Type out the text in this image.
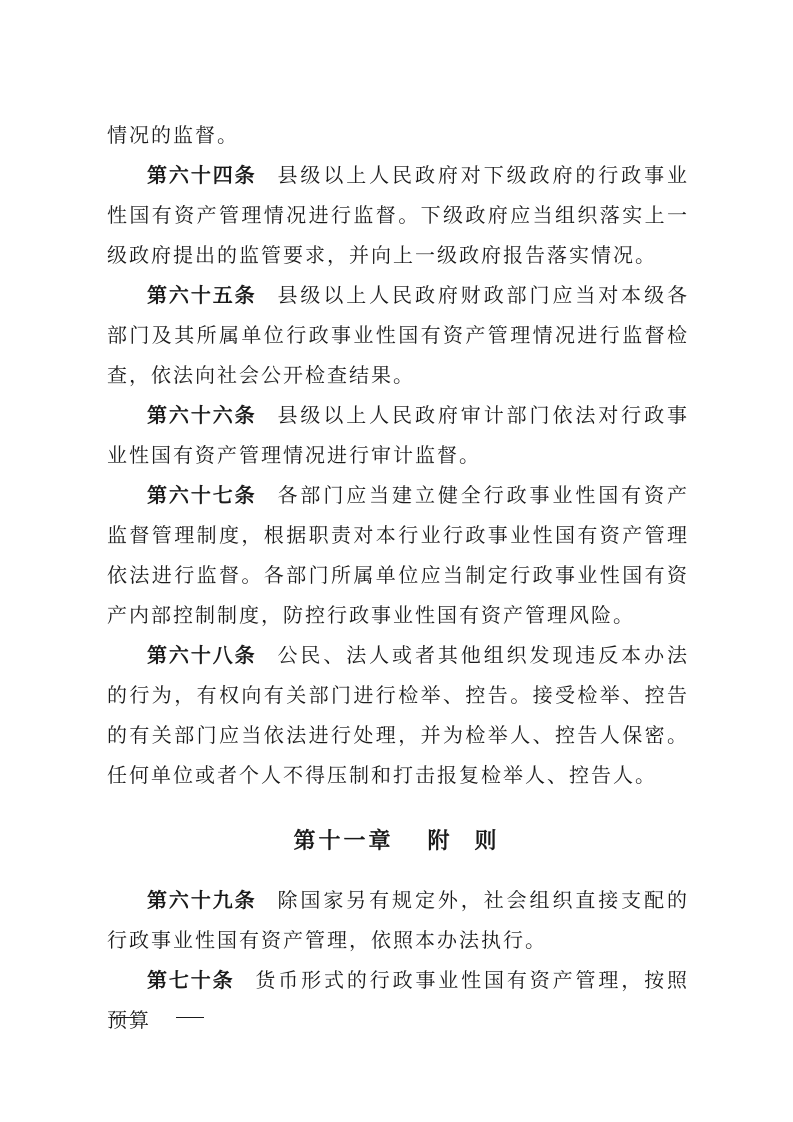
情况的监督。

第六十四条 县级以上人民政府对下级政府的行政事业性国有资产管理情况进行监督。下级政府应当组织落实上一级政府提出的监管要求，并向上一级政府报告落实情况。

第六十五条 县级以上人民政府财政部门应当对本级各部门及其所属单位行政事业性国有资产管理情况进行监督检查，依法向社会公开检查结果。

第六十六条 县级以上人民政府审计部门依法对行政事业性国有资产管理情况进行审计监督。

第六十七条 各部门应当建立健全行政事业性国有资产监督管理制度，根据职责对本行业行政事业性国有资产管理依法进行监督。各部门所属单位应当制定行政事业性国有资产内部控制制度，防控行政事业性国有资产管理风险。

第六十八条 公民、法人或者其他组织发现违反本办法的行为，有权向有关部门进行检举、控告。接受检举、控告的有关部门应当依法进行处理，并为检举人、控告人保密。任何单位或者个人不得压制和打击报复检举人、控告人。

第十一章 附 则

第六十九条 除国家另有规定外，社会组织直接支配的行政事业性国有资产管理，依照本办法执行。

第七十条 货币形式的行政事业性国有资产管理，按照预算
